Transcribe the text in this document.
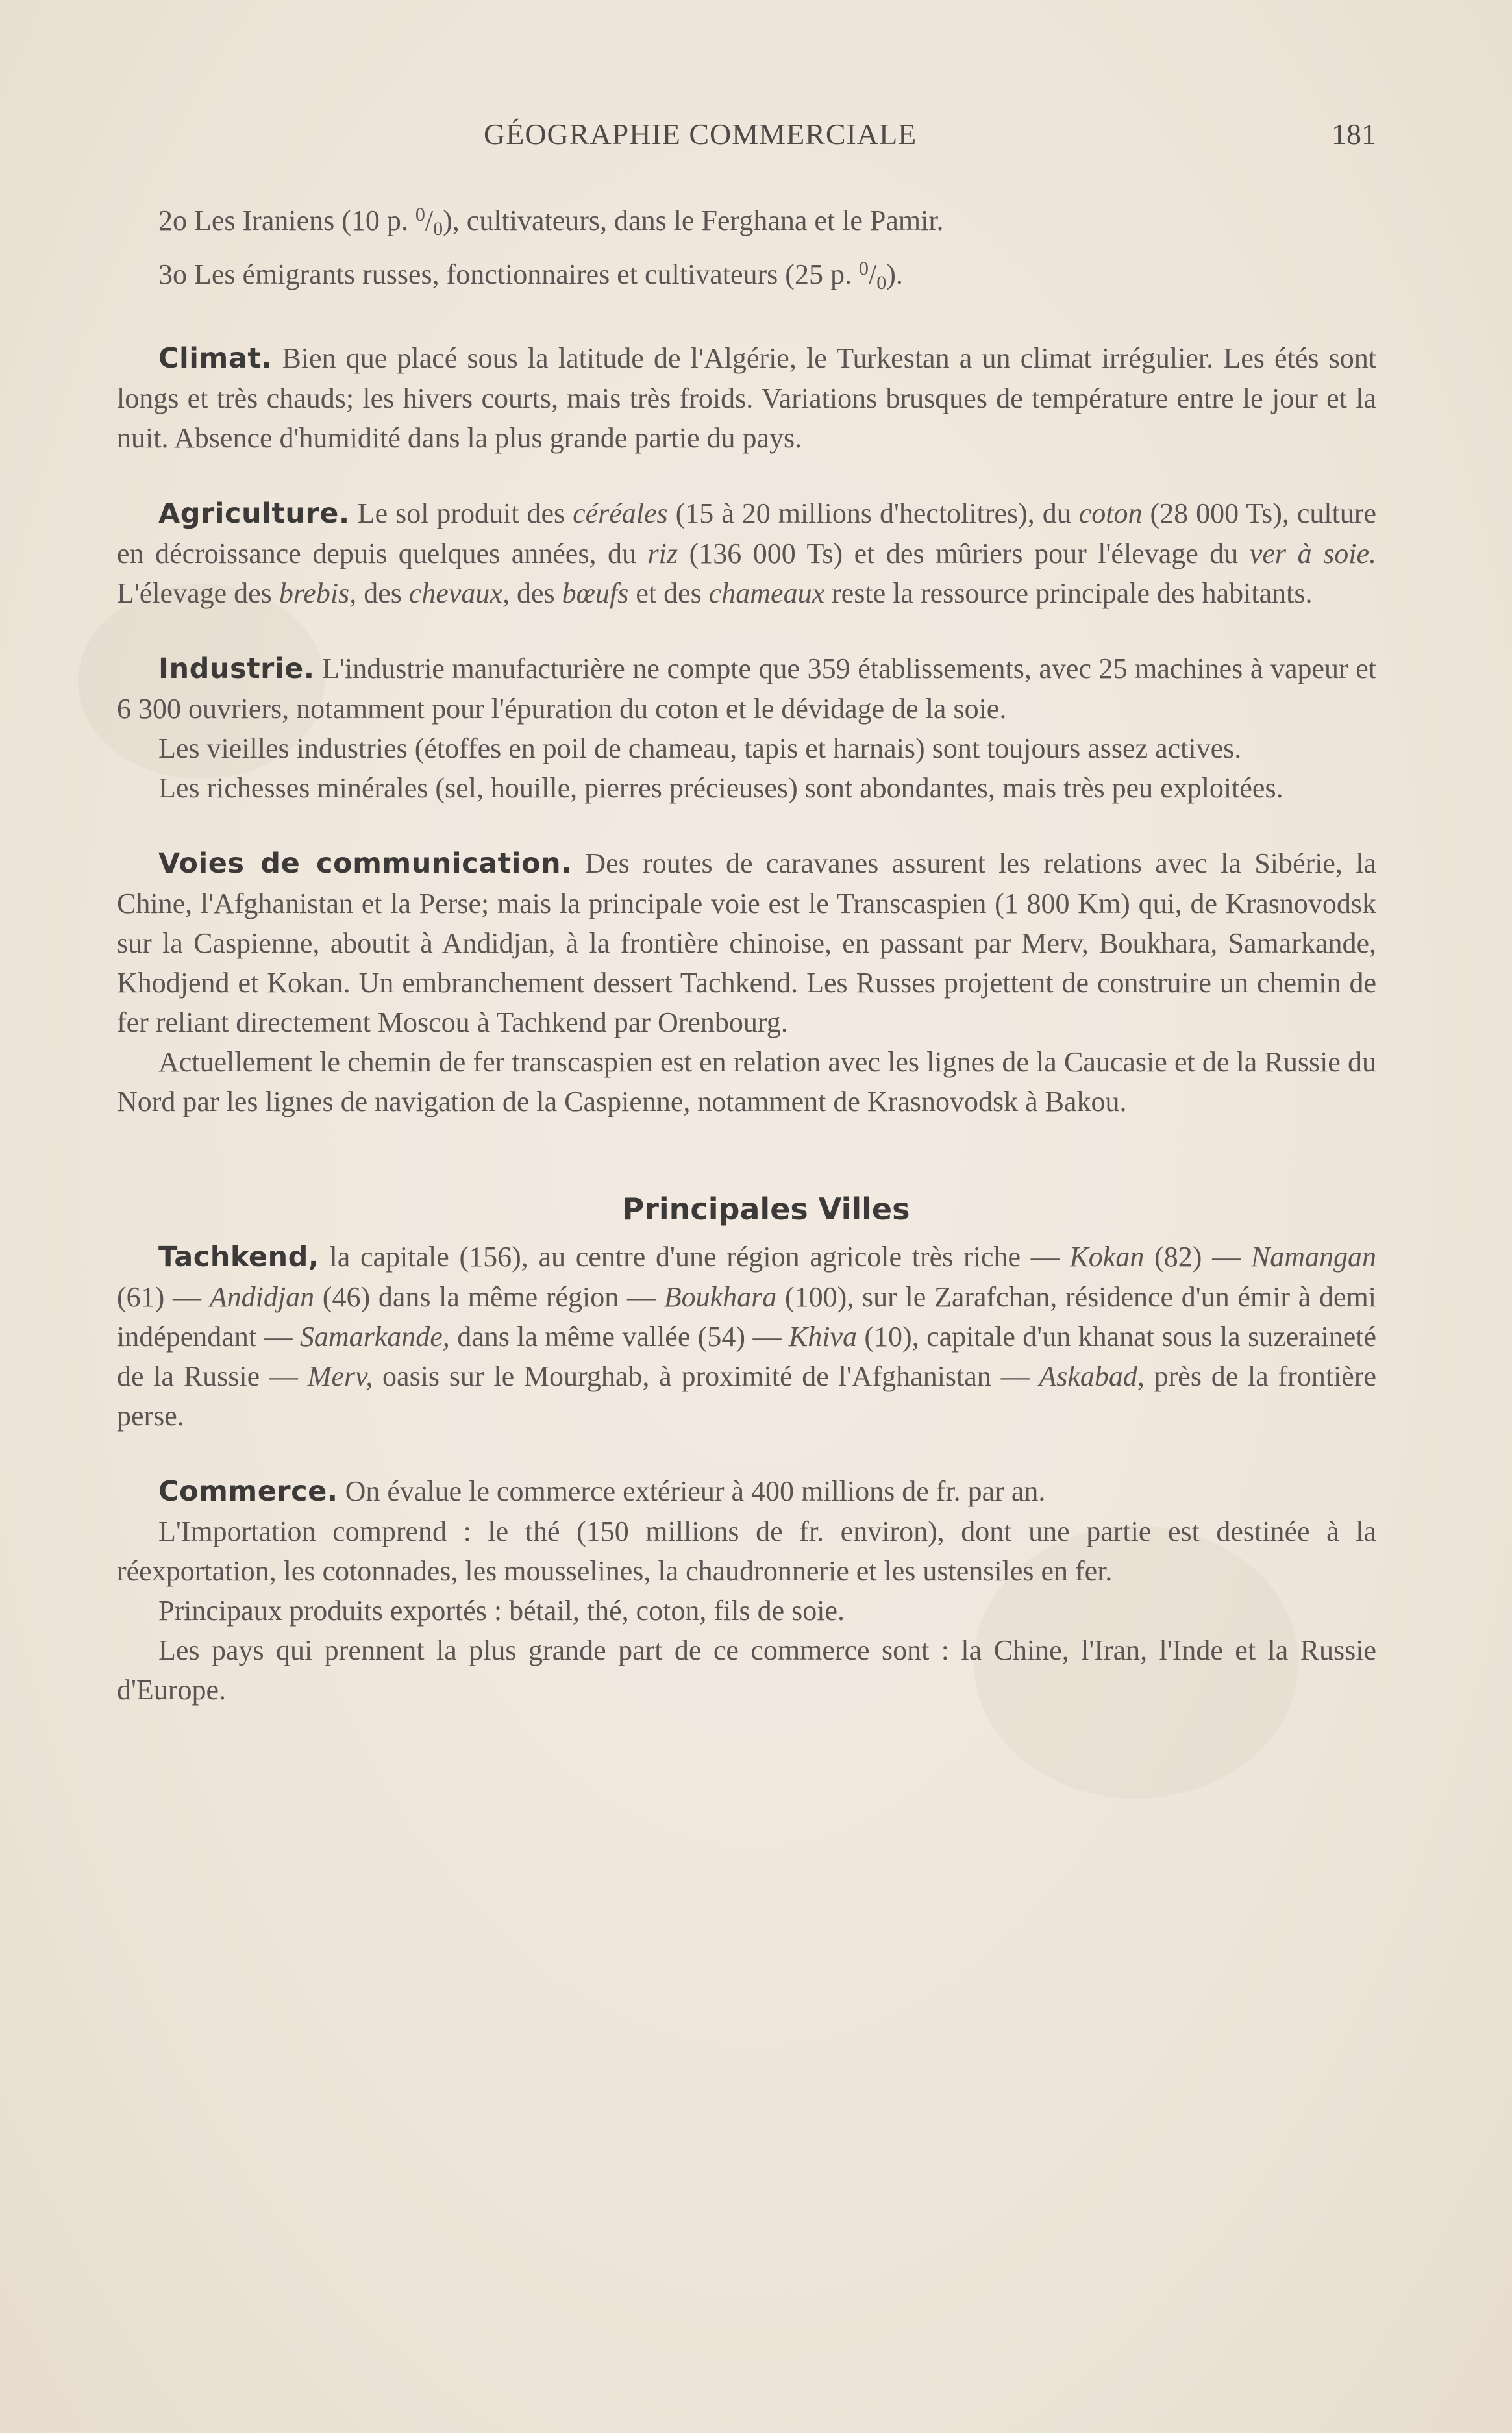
GÉOGRAPHIE COMMERCIALE	181

2o Les Iraniens (10 p. $^0/_0$), cultivateurs, dans le Ferghana et le Pamir.

3o Les émigrants russes, fonctionnaires et cultivateurs (25 p. $^0/_0$).

Climat. Bien que placé sous la latitude de l'Algérie, le Turkestan a un climat irrégulier. Les étés sont longs et très chauds; les hivers courts, mais très froids. Variations brusques de température entre le jour et la nuit. Absence d'humidité dans la plus grande partie du pays.

Agriculture. Le sol produit des céréales (15 à 20 millions d'hectolitres), du coton (28 000 Ts), culture en décroissance depuis quelques années, du riz (136 000 Ts) et des mûriers pour l'élevage du ver à soie. L'élevage des brebis, des chevaux, des bœufs et des chameaux reste la ressource principale des habitants.

Industrie. L'industrie manufacturière ne compte que 359 établissements, avec 25 machines à vapeur et 6 300 ouvriers, notamment pour l'épuration du coton et le dévidage de la soie.

Les vieilles industries (étoffes en poil de chameau, tapis et harnais) sont toujours assez actives.

Les richesses minérales (sel, houille, pierres précieuses) sont abondantes, mais très peu exploitées.

Voies de communication. Des routes de caravanes assurent les relations avec la Sibérie, la Chine, l'Afghanistan et la Perse; mais la principale voie est le Transcaspien (1 800 Km) qui, de Krasnovodsk sur la Caspienne, aboutit à Andidjan, à la frontière chinoise, en passant par Merv, Boukhara, Samarkande, Khodjend et Kokan. Un embranchement dessert Tachkend. Les Russes projettent de construire un chemin de fer reliant directement Moscou à Tachkend par Orenbourg.

Actuellement le chemin de fer transcaspien est en relation avec les lignes de la Caucasie et de la Russie du Nord par les lignes de navigation de la Caspienne, notamment de Krasnovodsk à Bakou.

Principales Villes

Tachkend, la capitale (156), au centre d'une région agricole très riche — Kokan (82) — Namangan (61) — Andidjan (46) dans la même région — Boukhara (100), sur le Zarafchan, résidence d'un émir à demi indépendant — Samarkande, dans la même vallée (54) — Khiva (10), capitale d'un khanat sous la suzeraineté de la Russie — Merv, oasis sur le Mourghab, à proximité de l'Afghanistan — Askabad, près de la frontière perse.

Commerce. On évalue le commerce extérieur à 400 millions de fr. par an.

L'Importation comprend : le thé (150 millions de fr. environ), dont une partie est destinée à la réexportation, les cotonnades, les mousselines, la chaudronnerie et les ustensiles en fer.

Principaux produits exportés : bétail, thé, coton, fils de soie.

Les pays qui prennent la plus grande part de ce commerce sont : la Chine, l'Iran, l'Inde et la Russie d'Europe.
